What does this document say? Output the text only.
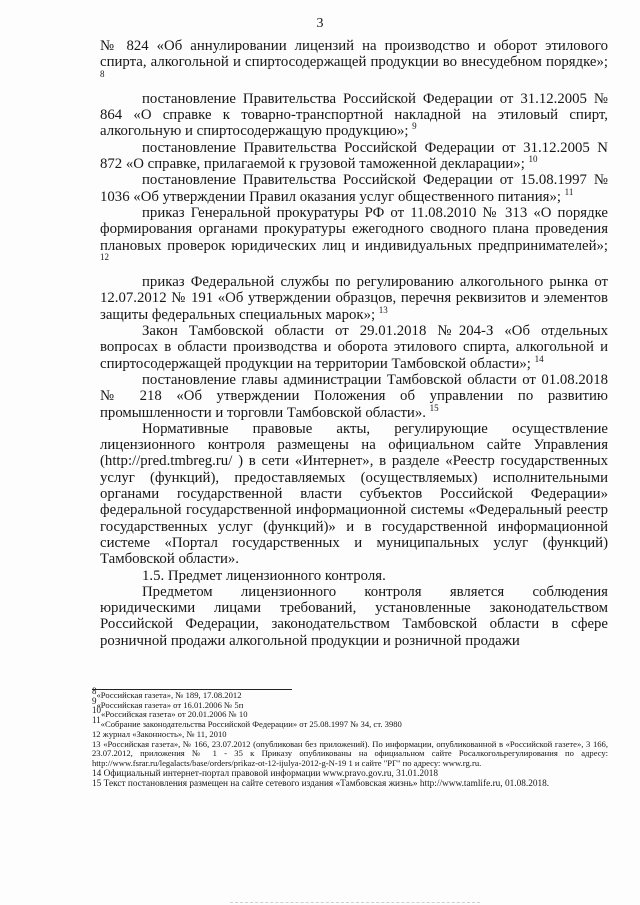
3

№ 824 «Об аннулировании лицензий на производство и оборот этилового спирта, алкогольной и спиртосодержащей продукции во внесудебном порядке»; $^8$

постановление Правительства Российской Федерации от 31.12.2005 № 864 «О справке к товарно-транспортной накладной на этиловый спирт, алкогольную и спиртосодержащую продукцию»; $^9$

постановление Правительства Российской Федерации от 31.12.2005 N 872 «О справке, прилагаемой к грузовой таможенной декларации»; $^{10}$

постановление Правительства Российской Федерации от 15.08.1997 № 1036 «Об утверждении Правил оказания услуг общественного питания»; $^{11}$

приказ Генеральной прокуратуры РФ от 11.08.2010 № 313 «О порядке формирования органами прокуратуры ежегодного сводного плана проведения плановых проверок юридических лиц и индивидуальных предпринимателей»; $^{12}$

приказ Федеральной службы по регулированию алкогольного рынка от 12.07.2012 № 191 «Об утверждении образцов, перечня реквизитов и элементов защиты федеральных специальных марок»; $^{13}$

Закон Тамбовской области от 29.01.2018 №204-З «Об отдельных вопросах в области производства и оборота этилового спирта, алкогольной и спиртосодержащей продукции на территории Тамбовской области»; $^{14}$

постановление главы администрации Тамбовской области от 01.08.2018 № 218 «Об утверждении Положения об управлении по развитию промышленности и торговли Тамбовской области». $^{15}$

Нормативные правовые акты, регулирующие осуществление лицензионного контроля размещены на официальном сайте Управления (http://pred.tmbreg.ru/ ) в сети «Интернет», в разделе «Реестр государственных услуг (функций), предоставляемых (осуществляемых) исполнительными органами государственной власти субъектов Российской Федерации» федеральной государственной информационной системы «Федеральный реестр государственных услуг (функций)» и в государственной информационной системе «Портал государственных и муниципальных услуг (функций) Тамбовской области».

1.5. Предмет лицензионного контроля.

Предметом лицензионного контроля является соблюдения юридическими лицами требований, установленные законодательством Российской Федерации, законодательством Тамбовской области в сфере розничной продажи алкогольной продукции и розничной продажи

8«Российская газета», № 189, 17.08.2012

9«Российская газета» от 16.01.2006 № 5п

10«Российская газета» от 20.01.2006 № 10

11«Собрание законодательства Российской Федерации» от 25.08.1997 № 34, ст. 3980

12 журнал «Законность», № 11, 2010

13 «Российская газета», № 166, 23.07.2012 (опубликован без приложений). По информации, опубликованной в «Российской газете», 3 166, 23.07.2012, приложения № 1 - 35 к Приказу опубликованы на официальном сайте Росалкогольрегулирования по адресу: http://www.fsrar.ru/legalacts/base/orders/prikaz-ot-12-ijulya-2012-g-N-19 1 и сайте "РГ" по адресу: www.rg.ru.

14 Официальный интернет-портал правовой информации www.pravo.gov.ru, 31.01.2018

15 Текст постановления размещен на сайте сетевого издания «Тамбовская жизнь» http://www.tamlife.ru, 01.08.2018.
